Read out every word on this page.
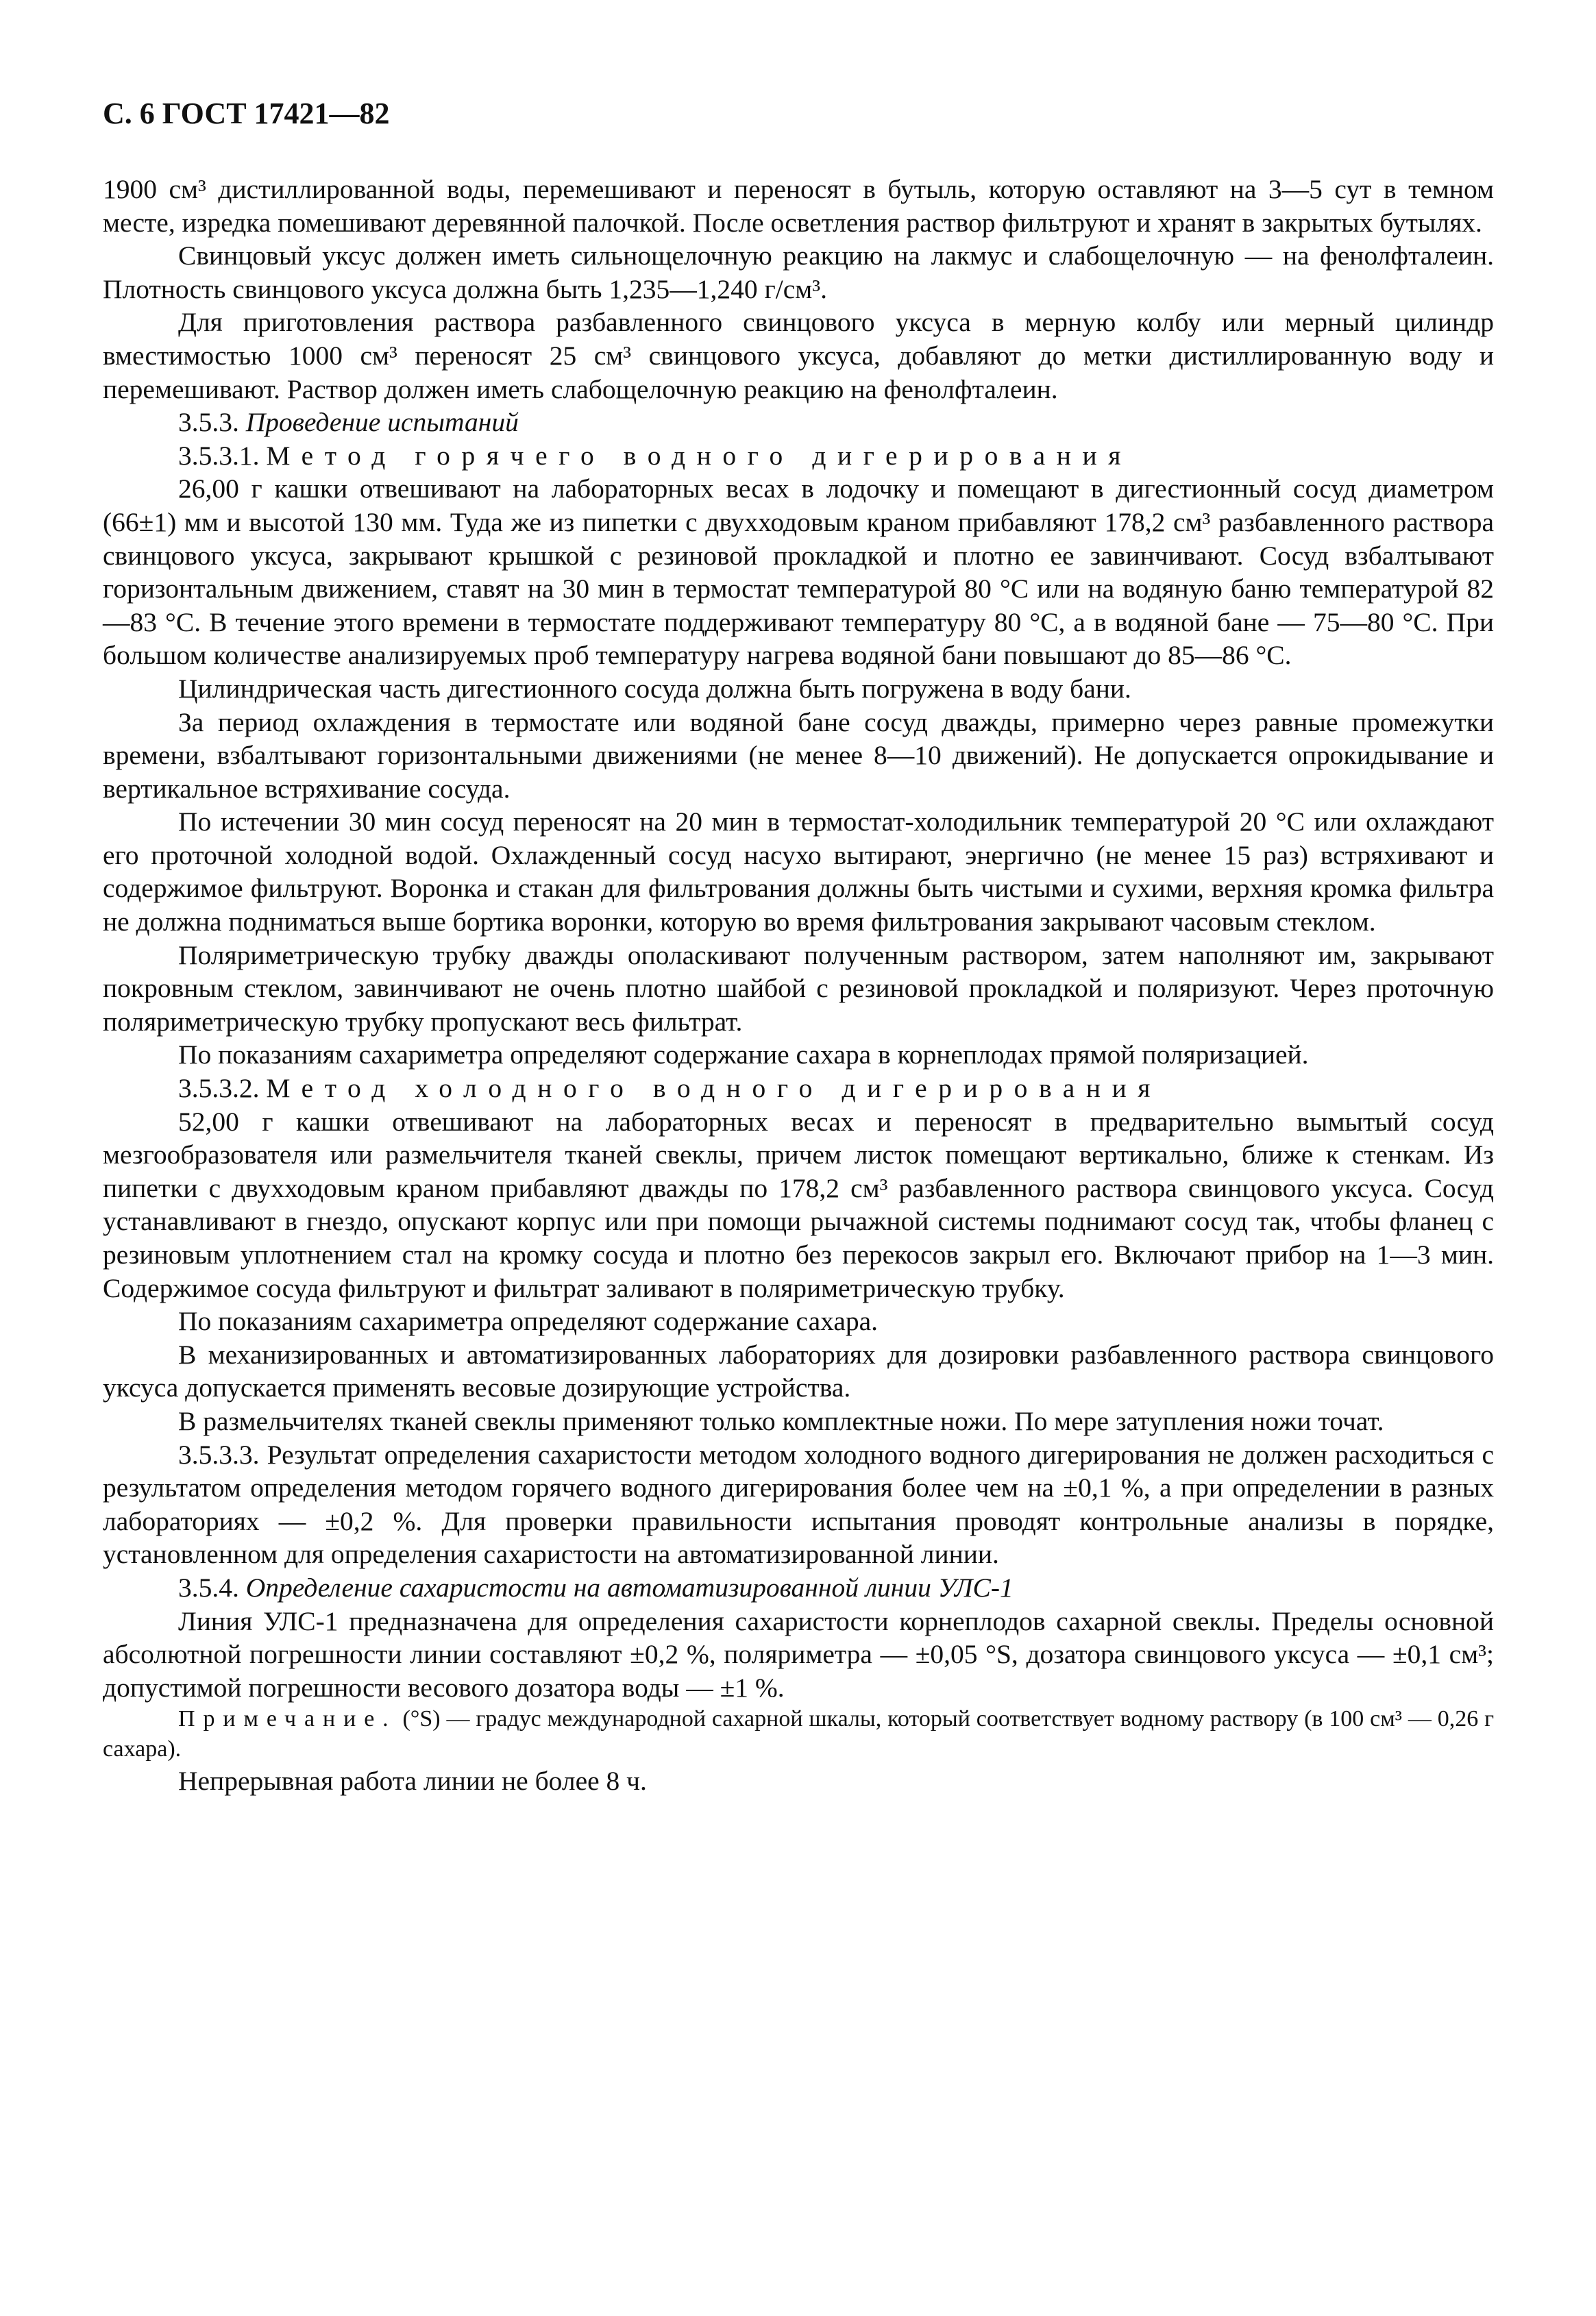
С. 6 ГОСТ 17421—82

1900 см³ дистиллированной воды, перемешивают и переносят в бутыль, которую оставляют на 3—5 сут в темном месте, изредка помешивают деревянной палочкой. После осветления раствор фильтруют и хранят в закрытых бутылях.

Свинцовый уксус должен иметь сильнощелочную реакцию на лакмус и слабощелочную — на фенолфталеин. Плотность свинцового уксуса должна быть 1,235—1,240 г/см³.

Для приготовления раствора разбавленного свинцового уксуса в мерную колбу или мерный цилиндр вместимостью 1000 см³ переносят 25 см³ свинцового уксуса, добавляют до метки дистиллированную воду и перемешивают. Раствор должен иметь слабощелочную реакцию на фенолфталеин.

3.5.3. Проведение испытаний

3.5.3.1. Метод горячего водного дигерирования

26,00 г кашки отвешивают на лабораторных весах в лодочку и помещают в дигестионный сосуд диаметром (66±1) мм и высотой 130 мм. Туда же из пипетки с двухходовым краном прибавляют 178,2 см³ разбавленного раствора свинцового уксуса, закрывают крышкой с резиновой прокладкой и плотно ее завинчивают. Сосуд взбалтывают горизонтальным движением, ставят на 30 мин в термостат температурой 80 °С или на водяную баню температурой 82—83 °С. В течение этого времени в термостате поддерживают температуру 80 °С, а в водяной бане — 75—80 °С. При большом количестве анализируемых проб температуру нагрева водяной бани повышают до 85—86 °С.

Цилиндрическая часть дигестионного сосуда должна быть погружена в воду бани.

За период охлаждения в термостате или водяной бане сосуд дважды, примерно через равные промежутки времени, взбалтывают горизонтальными движениями (не менее 8—10 движений). Не допускается опрокидывание и вертикальное встряхивание сосуда.

По истечении 30 мин сосуд переносят на 20 мин в термостат-холодильник температурой 20 °С или охлаждают его проточной холодной водой. Охлажденный сосуд насухо вытирают, энергично (не менее 15 раз) встряхивают и содержимое фильтруют. Воронка и стакан для фильтрования должны быть чистыми и сухими, верхняя кромка фильтра не должна подниматься выше бортика воронки, которую во время фильтрования закрывают часовым стеклом.

Поляриметрическую трубку дважды ополаскивают полученным раствором, затем наполняют им, закрывают покровным стеклом, завинчивают не очень плотно шайбой с резиновой прокладкой и поляризуют. Через проточную поляриметрическую трубку пропускают весь фильтрат.

По показаниям сахариметра определяют содержание сахара в корнеплодах прямой поляризацией.

3.5.3.2. Метод холодного водного дигерирования

52,00 г кашки отвешивают на лабораторных весах и переносят в предварительно вымытый сосуд мезгообразователя или размельчителя тканей свеклы, причем листок помещают вертикально, ближе к стенкам. Из пипетки с двухходовым краном прибавляют дважды по 178,2 см³ разбавленного раствора свинцового уксуса. Сосуд устанавливают в гнездо, опускают корпус или при помощи рычажной системы поднимают сосуд так, чтобы фланец с резиновым уплотнением стал на кромку сосуда и плотно без перекосов закрыл его. Включают прибор на 1—3 мин. Содержимое сосуда фильтруют и фильтрат заливают в поляриметрическую трубку.

По показаниям сахариметра определяют содержание сахара.

В механизированных и автоматизированных лабораториях для дозировки разбавленного раствора свинцового уксуса допускается применять весовые дозирующие устройства.

В размельчителях тканей свеклы применяют только комплектные ножи. По мере затупления ножи точат.

3.5.3.3. Результат определения сахаристости методом холодного водного дигерирования не должен расходиться с результатом определения методом горячего водного дигерирования более чем на ±0,1 %, а при определении в разных лабораториях — ±0,2 %. Для проверки правильности испытания проводят контрольные анализы в порядке, установленном для определения сахаристости на автоматизированной линии.

3.5.4. Определение сахаристости на автоматизированной линии УЛС-1

Линия УЛС-1 предназначена для определения сахаристости корнеплодов сахарной свеклы. Пределы основной абсолютной погрешности линии составляют ±0,2 %, поляриметра — ±0,05 °S, дозатора свинцового уксуса — ±0,1 см³; допустимой погрешности весового дозатора воды — ±1 %.

Примечание. (°S) — градус международной сахарной шкалы, который соответствует водному раствору (в 100 см³ — 0,26 г сахара).

Непрерывная работа линии не более 8 ч.
